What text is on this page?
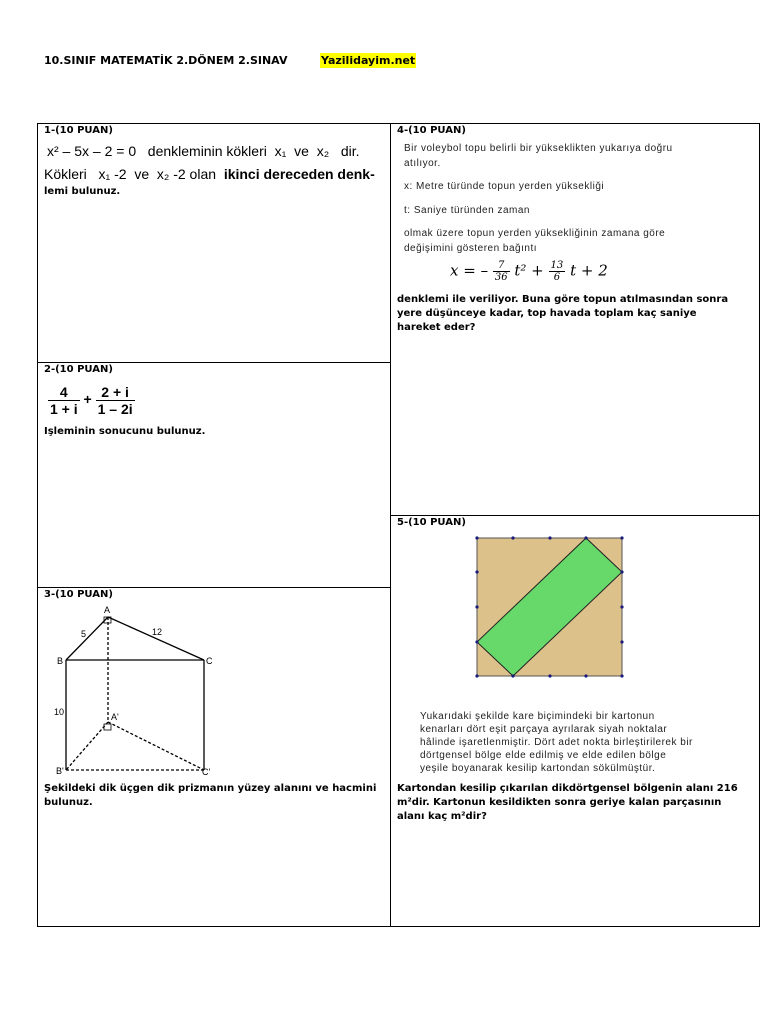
10.SINIF MATEMATİK 2.DÖNEM 2.SINAV	Yazilidayim.net
1-(10 PUAN)
x² – 5x – 2 = 0 denkleminin kökleri x₁ ve x₂ dir.
Kökleri x₁ -2 ve x₂ -2 olan ikinci dereceden denk-
lemi bulunuz.
2-(10 PUAN)
$\frac{4}{1 + i} + \frac{2 + i}{1 - 2i}$
Işleminin sonucunu bulunuz.
3-(10 PUAN)
A
B	C
A'
B'	C'
5	12
10
Şekildeki dik üçgen dik prizmanın yüzey alanını ve hacmini
bulunuz.
4-(10 PUAN)
Bir voleybol topu belirli bir yükseklikten yukarıya doğru
atılıyor.
x: Metre türünde topun yerden yüksekliği
t: Saniye türünden zaman
olmak üzere topun yerden yüksekliğinin zamana göre
değişimini gösteren bağıntı
x = – $\frac{7}{36} t^2 + \frac{13}{6}$ t + 2
denklemi ile veriliyor. Buna göre topun atılmasından sonra
yere düşünceye kadar, top havada toplam kaç saniye
hareket eder?
5-(10 PUAN)
Yukarıdaki şekilde kare biçimindeki bir kartonun
kenarları dört eşit parçaya ayrılarak siyah noktalar
hâlinde işaretlenmiştir. Dört adet nokta birleştirilerek bir
dörtgensel bölge elde edilmiş ve elde edilen bölge
yeşile boyanarak kesilip kartondan sökülmüştür.
Kartondan kesilip çıkarılan dikdörtgensel bölgenin alanı 216
m²dir. Kartonun kesildikten sonra geriye kalan parçasının
alanı kaç m²dir?
